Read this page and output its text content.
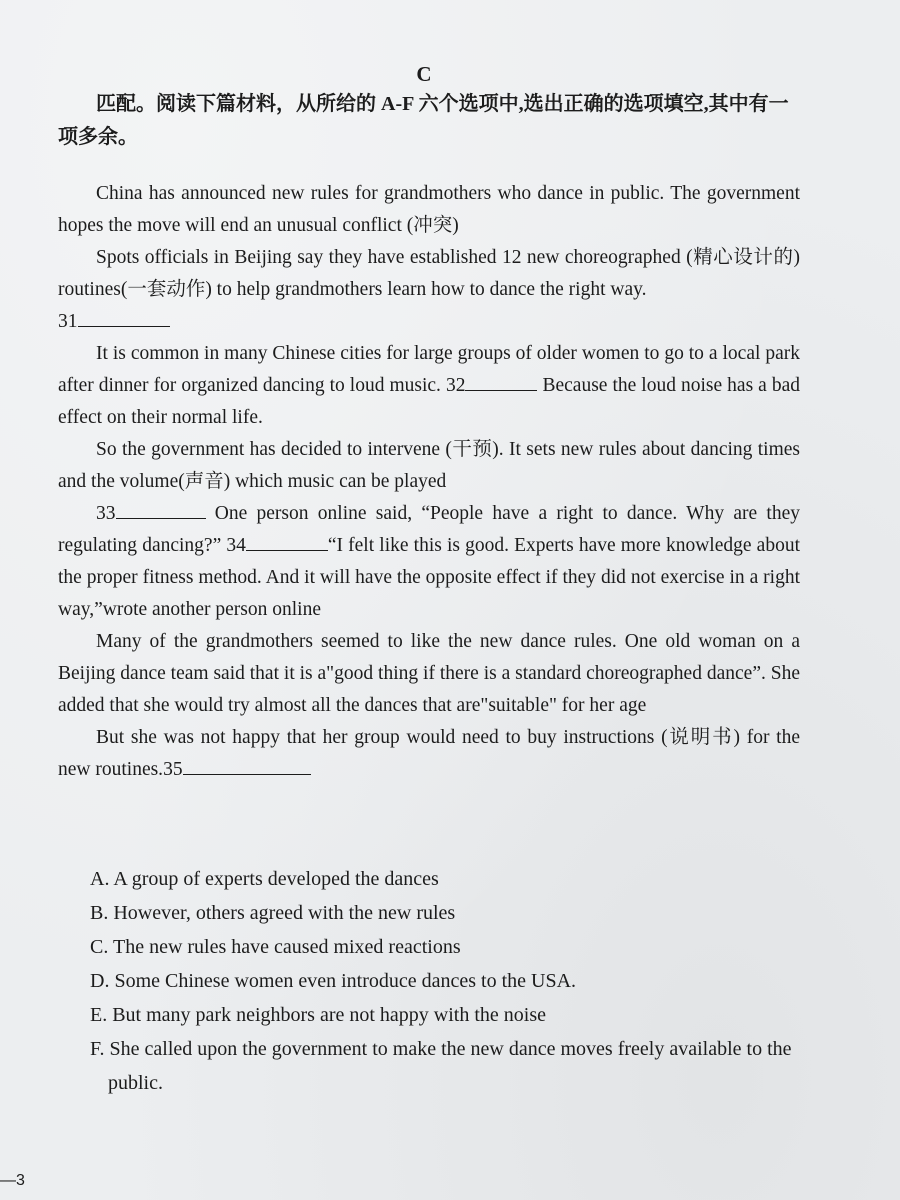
C
匹配。阅读下篇材料，从所给的 A-F 六个选项中,选出正确的选项填空,其中有一项多余。

China has announced new rules for grandmothers who dance in public. The government hopes the move will end an unusual conflict (冲突)

Spots officials in Beijing say they have established 12 new choreographed (精心设计的) routines(一套动作) to help grandmothers learn how to dance the right way.

31

It is common in many Chinese cities for large groups of older women to go to a local park after dinner for organized dancing to loud music. 32	Because the loud noise has a bad effect on their normal life.

So the government has decided to intervene (干预). It sets new rules about dancing times and the volume(声音) which music can be played

33	One person online said, “People have a right to dance. Why are they regulating dancing?” 34	“I felt like this is good. Experts have more knowledge about the proper fitness method. And it will have the opposite effect if they did not exercise in a right way,”wrote another person online

Many of the grandmothers seemed to like the new dance rules. One old woman on a Beijing dance team said that it is a"good thing if there is a standard choreographed dance”. She added that she would try almost all the dances that are"suitable" for her age

But she was not happy that her group would need to buy instructions (说明书) for the new routines.35

A. A group of experts developed the dances

B. However, others agreed with the new rules

C. The new rules have caused mixed reactions

D. Some Chinese women even introduce dances to the USA.

E. But many park neighbors are not happy with the noise

F. She called upon the government to make the new dance moves freely available to the public.

—3
